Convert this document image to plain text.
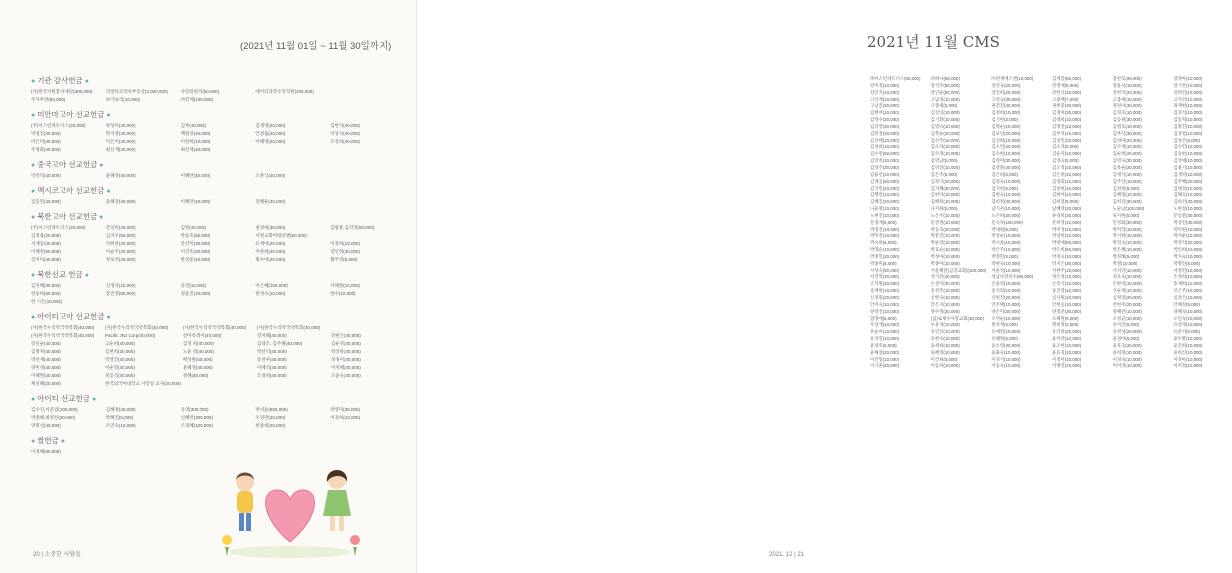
(2021년 11월 01일 ~ 11월 30일까지)
● 기관 감사헌금 ●
(사)한국자원봉사재단(300,000)	리얼티코리아부동산(3,000,000)	사랑의편지(50,000)	에이터과학수학학원(100,000)
주사무관(50,000)	㈜가보리(10,000)	㈜킨케(100,000)
● 미안마고아 선교헌금 ●
(주)이스턴파트너스(40,000)	곽성미(40,000)	김부(40,000)	김재영(40,000)	김현석(40,000)
박경진(40,000)	박지영(40,000)	백원성(40,000)	안성률(40,000)	이상지(40,000)
이은미(40,000)	이은이(40,000)	이한희(10,000)	이혜영(40,000)	조경희(40,000)
주경화(40,000)	최신재(40,000)	최신재(40,000)
● 중국고아 선교헌금 ●
박선덕(40,000)	윤혜경(40,000)	이혜란(40,000)	조춘식(40,000)
● 멕시코고아 선교헌금 ●
김동민(40,000)	윤혜경(40,000)	이혜란(40,000)	전혜운(40,000)
● 북한고아 선교헌금 ●
(주)이스턴파트너스(40,000)	강일희(40,000)	김한(40,000)	권경희(30,000)	김광훈,김지영(50,000)
김정용(20,000)	김지우(50,000)	박승호(50,000)	서원교회여대피엔(50,000)
서재동(40,000)	석현관(20,000)	안선미(30,000)	유재미(40,000)	이경희(10,000)
이혜란(50,000)	이순주(20,000)	이진호(30,000)	이한희(40,000)	장인영(40,000)
장지미(40,000)	정보석(40,000)	한상준(10,000)	황수미(40,000)	황주영(5,000)
● 북한선교 헌금 ●
김지혜(30,000)	신경자(10,000)	유민(15,000)	이은혜(150,000)	이혜원(10,000)
장승아(50,000)	장진영(50,000)	정윤진(10,000)	한경수(10,000)	한수(10,000)
한 시은(10,000)
● 아이티고아 선교헌금 ●
(사)한국누리약국약복회(40,000)	(사)한국누리약국약복회(40,000)	(사)한국누리약국약복회(40,000)	(사)한국누리약국약복회(40,000)
(사)한국누리약국약복회(40,000)	Pacific JNJ Corp(40,000)	강미옥레이(40,000)	강지혜(40,000)	강헌은(40,000)
강선순(40,000)	고순희(40,000)	김경 희(40,000)	김대조, 김주해(40,000)	김순경(40,000)
김명자(40,000)	김현희(30,000)	노윤 영(40,000)	박선덕(40,000)	박상하(40,000)
박선재(40,000)	박영진(40,000)	배성원(40,000)	송찬우(40,000)	성경미(40,000)
양미경(40,000)	이순영(40,000)	윤혜경(40,000)	이혜석(40,000)	이지혜(40,000)
이혜란(40,000)	정동석(40,000)	정혜(40,000)	조경희(40,000)	조윤숙(40,000)
채선혜(20,000)	한국외국어대학교 사랑동 교사(20,000)
● 아이티 선교헌금 ●
김수진,이준겸(100,000)	김혜정(40,000)	유영(300,000)	박서윤(800,000)	박영미(30,000)
박종혜,최영선(20,000)	박혜진(5,000)	신혜련(300,000)	우경란(20,000)	이경희(10,000)
양명선(40,000)	조연숙(10,000)	조경혜(100,000)	한종희(20,000)
● 쌀헌금 ●
이경혜(90,000)
20 | 소중한 사람들
2021년 11월 CMS
㈜이스턴파트너스(50,000)	㈜하나(50,000)	㈜천재에스엔(10,000)	김재봉(50,000)	강찬호(20,000)	강경아(10,000)
강미정(10,000)	강석주(50,000)	강선숙(20,000)	강영애(5,000)	강윤서(10,000)	강기찬(10,000)
강인지(10,000)	강인순(50,000)	강일희(20,000)	강한식(10,000)	강현지(20,000)	강희연(10,000)
고인재(10,000)	고남경(10,000)	고영숙(30,000)	고종배(7,000)	고종세(10,000)	고지선(10,000)
구남진(30,000)	구종제(5,000)	권진진(30,000)	권현중(30,000)	권정아(30,000)	권재현(10,000)
김변아(10,000)	김상일(10,000)	김성희(10,000)	김경희(30,000)	김경호(10,000)	김경석(10,000)
김영수(30,000)	김기환(10,000)	김기현(3,000)	김대희(10,000)	김동원(30,000)	김동혁(10,000)
김라영(30,000)	김명숙(10,000)	김명순(10,000)	김명진(10,000)	김명호(10,000)	김명진(10,000)
김민경(30,000)	김복순(20,000)	김보연(30,000)	김부자(10,000)	김부석(30,000)	김상엽(10,000)
김선태(10,000)	김선주(10,000)	김선희(10,000)	김성민(20,000)	김성아(20,000)	김성은(5,000)
김성희(10,000)	김소라(10,000)	김소연(40,000)	김소자(5,000)	김수경(10,000)	김수민(10,000)
김수연(50,000)	김수정(10,000)	김수현(10,000)	김순자(10,000)	김순희(20,000)	김승현(10,000)
김연옥(10,000)	김영남(5,000)	김영미(30,000)	김영숙(5,000)	김영숙(30,000)	김영애(10,000)
김영주(30,000)	김영진(10,000)	김영환(40,000)	김오영(10,000)	김옥순(20,000)	김용기(10,000)
김용선(10,000)	김은주(5,000)	김은희(5,000)	김은희(10,000)	김재석(10,000)	김재영(10,000)
김재웅(50,000)	김정기(20,000)	김정숙(10,000)	김정회(10,000)	김주연(10,000)	김주혜(20,000)
김지민(20,000)	김지혜(30,000)	김지현(5,000)	김창현(10,000)	김천희(5,000)	김태성(10,000)
김행련(10,000)	김현미(10,000)	김현숙(10,000)	김현아(10,000)	김혜정(10,000)	김혜숙(10,000)
김혜진(20,000)	김혜원(10,000)	김희정(30,000)	김희철(5,000)	김희진(30,000)	김희선(30,000)
나윤열(10,000)	나지원(5,000)	남기우(10,000)	남혜영(20,000)	노순남(100,000)	노현성(10,000)
노현진(10,000)	노은주(10,000)	노은희(30,000)	류경희(30,000)	류지원(5,000)	문동환(30,000)
문경재(5,000)	문상철(10,000)	문숙자(100,000)	문희영(10,000)	민경회(30,000)	박경진(30,000)
박경진(10,000)	박동욱(20,000)	박대원(5,000)	박미경(10,000)	박미영(10,000)	박미원(10,000)
박미진(10,000)	박봉진(10,000)	박상순(10,000)	박상희(10,000)	박서현(10,000)	박서운(10,000)
박숙희(5,000)	박순영(10,000)	박시윤(15,000)	박영애(50,000)	박영숙(10,000)	박영지(20,000)
박영순(10,000)	박효순(10,000)	박은주(10,000)	박은희(50,000)	박은혜(10,000)	박인희(10,000)
박정민(20,000)	박정아(10,000)	박정민(5,000)	박정숙(10,000)	박정해(5,000)	박지숙(10,000)
박종미(5,000)	박종미(10,000)	박현숙(10,000)	박지은(30,000)	박철(10,000)	박명진(5,000)
서성숙(50,000)	서울해달(금강교회)(100,000)	서윤정(10,000)	서원주(10,000)	서지연(10,000)	서정민(10,000)
서진혁(30,000)	성기연(40,000)	성남나영선수(50,000)	성은정(10,000)	성호숙(10,000)	손경희(10,000)
손석원(20,000)	손상미(30,000)	손윤영(10,000)	손진석(10,000)	손한영(10,000)	송재희(10,000)
송재현(10,000)	송정주(10,000)	송지영(10,000)	송진영(10,000)	신순재(10,000)	신은주(10,000)
신정원(20,000)	신현숙(10,000)	신희진(20,000)	심사원(10,000)	심정영(20,000)	심정은(10,000)
안미숙(10,000)	안은지(10,000)	안주택(10,000)	안현승(10,000)	안현주(20,000)	안혜정(5,000)
양성진(10,000)	양수정(30,000)	양은미(30,000)	양정준(30,000)	양혜련(10,000)	양혜숙(10,000)
엄영애(5,000)	(집)로제수사랑교회(30,000)	오미순(10,000)	오채원(5,000)	오정균(10,000)	오인숙(10,000)
우상재(10,000)	우윤경(10,000)	원성재(5,000)	원희정(3,000)	유미진(5,000)	유영재(10,000)
유순씨(10,000)	유연선(10,000)	유예빈(10,000)	유인희(20,000)	유정성(20,000)	유준서(5,000)
유지영(10,000)	유현숙(10,000)	유혜원(5,000)	윤미란(10,000)	윤경아(5,000)	윤두환(10,000)
윤성호(5,000)	윤세희(10,000)	윤소영(30,000)	윤조현(10,000)	윤호숙(20,000)	윤진희(10,000)
윤해영(20,000)	윤혜영(10,000)	윤화숙(10,000)	윤효경(10,000)	윤희정(10,000)	윤희진(10,000)
이건형(10,000)	이건희(5,000)	이경기(10,000)	이경미(10,000)	이경숙(10,000)	이경아(10,000)
이기훈(20,000)	이동하(10,000)	이동숙(10,000)	이명진(10,000)	이미영(10,000)	이미정(10,000)
2021. 12 | 21
